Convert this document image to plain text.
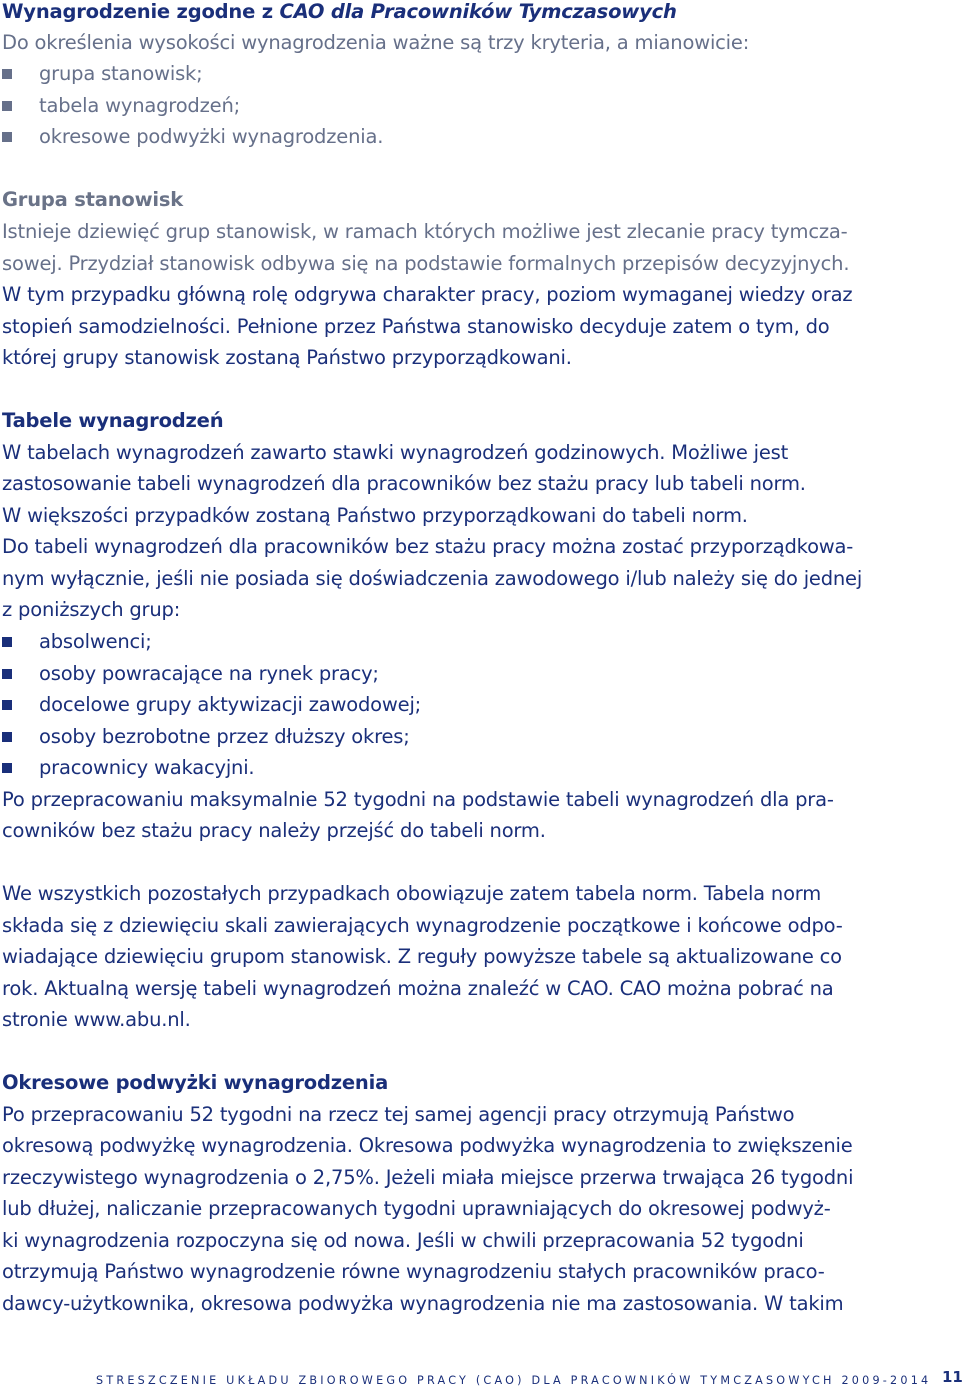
Wynagrodzenie zgodne z CAO dla Pracowników Tymczasowych
Do określenia wysokości wynagrodzenia ważne są trzy kryteria, a mianowicie:
grupa stanowisk;
tabela wynagrodzeń;
okresowe podwyżki wynagrodzenia.
Grupa stanowisk
Istnieje dziewięć grup stanowisk, w ramach których możliwe jest zlecanie pracy tymcza-
sowej. Przydział stanowisk odbywa się na podstawie formalnych przepisów decyzyjnych.
W tym przypadku główną rolę odgrywa charakter pracy, poziom wymaganej wiedzy oraz
stopień samodzielności. Pełnione przez Państwa stanowisko decyduje zatem o tym, do
której grupy stanowisk zostaną Państwo przyporządkowani.
Tabele wynagrodzeń
W tabelach wynagrodzeń zawarto stawki wynagrodzeń godzinowych. Możliwe jest
zastosowanie tabeli wynagrodzeń dla pracowników bez stażu pracy lub tabeli norm.
W większości przypadków zostaną Państwo przyporządkowani do tabeli norm.
Do tabeli wynagrodzeń dla pracowników bez stażu pracy można zostać przyporządkowa-
nym wyłącznie, jeśli nie posiada się doświadczenia zawodowego i/lub należy się do jednej
z poniższych grup:
absolwenci;
osoby powracające na rynek pracy;
docelowe grupy aktywizacji zawodowej;
osoby bezrobotne przez dłuższy okres;
pracownicy wakacyjni.
Po przepracowaniu maksymalnie 52 tygodni na podstawie tabeli wynagrodzeń dla pra-
cowników bez stażu pracy należy przejść do tabeli norm.
We wszystkich pozostałych przypadkach obowiązuje zatem tabela norm. Tabela norm
składa się z dziewięciu skali zawierających wynagrodzenie początkowe i końcowe odpo-
wiadające dziewięciu grupom stanowisk. Z reguły powyższe tabele są aktualizowane co
rok. Aktualną wersję tabeli wynagrodzeń można znaleźć w CAO. CAO można pobrać na
stronie www.abu.nl.
Okresowe podwyżki wynagrodzenia
Po przepracowaniu 52 tygodni na rzecz tej samej agencji pracy otrzymują Państwo
okresową podwyżkę wynagrodzenia. Okresowa podwyżka wynagrodzenia to zwiększenie
rzeczywistego wynagrodzenia o 2,75%. Jeżeli miała miejsce przerwa trwająca 26 tygodni
lub dłużej, naliczanie przepracowanych tygodni uprawniających do okresowej podwyż-
ki wynagrodzenia rozpoczyna się od nowa. Jeśli w chwili przepracowania 52 tygodni
otrzymują Państwo wynagrodzenie równe wynagrodzeniu stałych pracowników praco-
dawcy-użytkownika, okresowa podwyżka wynagrodzenia nie ma zastosowania. W takim
STRESZCZENIE UKŁADU ZBIOROWEGO PRACY (CAO) DLA PRACOWNIKÓW TYMCZASOWYCH 2009-2014 11
